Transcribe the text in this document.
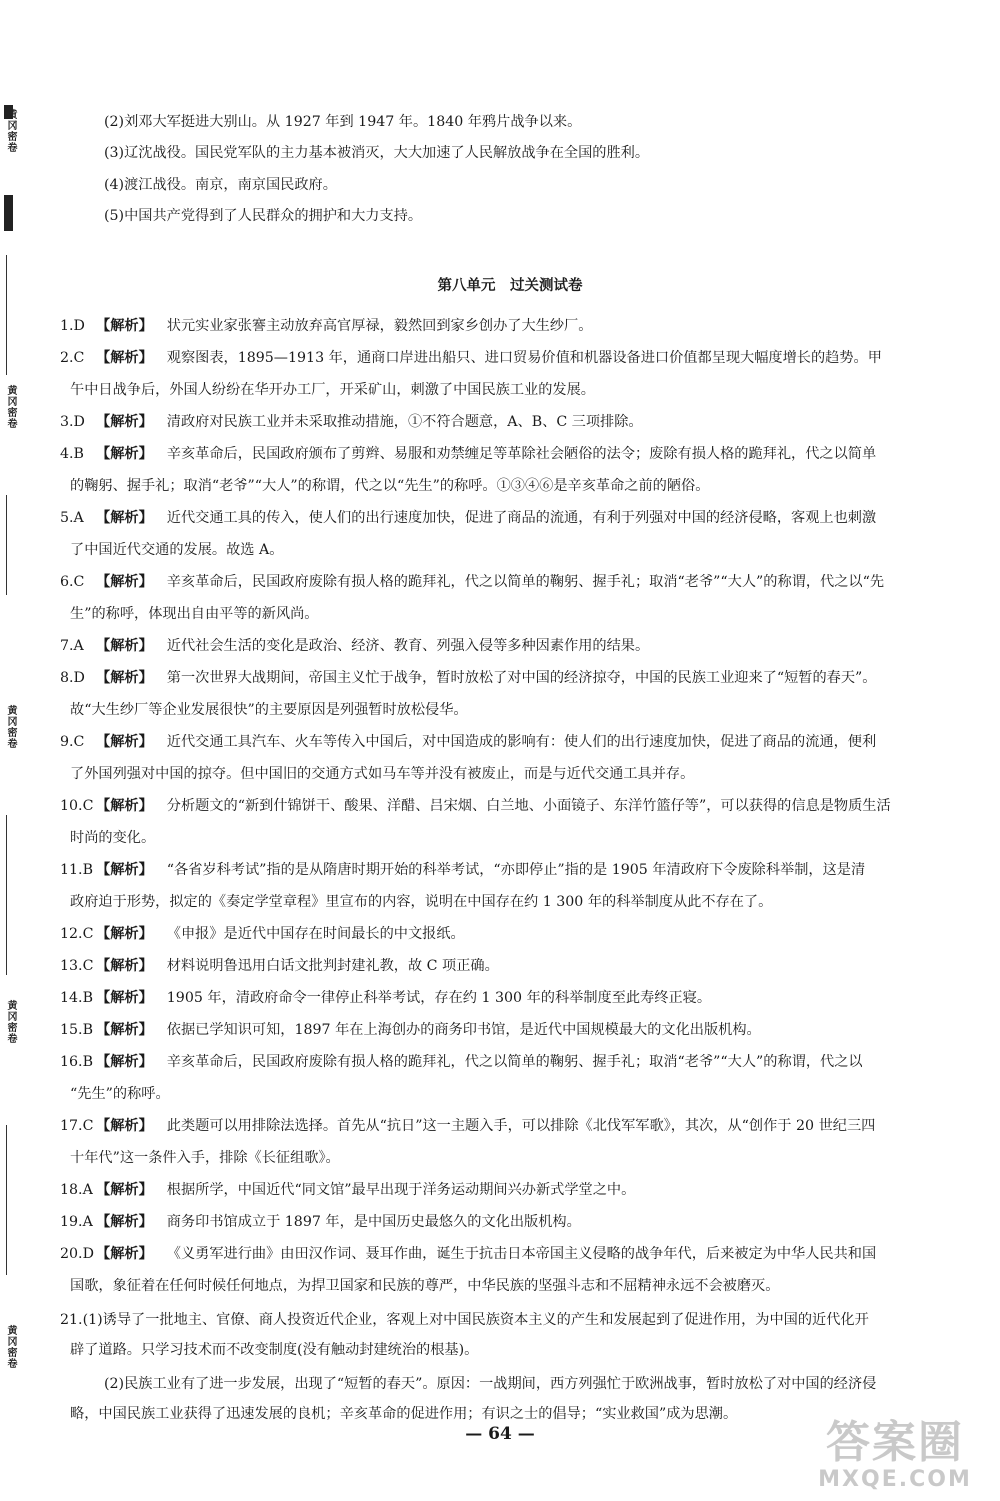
黄冈密卷
黄冈密卷
黄冈密卷
黄冈密卷
黄冈密卷
(2)刘邓大军挺进大别山。从 1927 年到 1947 年。1840 年鸦片战争以来。
(3)辽沈战役。国民党军队的主力基本被消灭，大大加速了人民解放战争在全国的胜利。
(4)渡江战役。南京，南京国民政府。
(5)中国共产党得到了人民群众的拥护和大力支持。
第八单元　过关测试卷
1.D 【解析】 状元实业家张謇主动放弃高官厚禄，毅然回到家乡创办了大生纱厂。
2.C 【解析】 观察图表，1895—1913 年，通商口岸进出船只、进口贸易价值和机器设备进口价值都呈现大幅度增长的趋势。甲
午中日战争后，外国人纷纷在华开办工厂，开采矿山，刺激了中国民族工业的发展。
3.D 【解析】 清政府对民族工业并未采取推动措施，①不符合题意，A、B、C 三项排除。
4.B 【解析】 辛亥革命后，民国政府颁布了剪辫、易服和劝禁缠足等革除社会陋俗的法令；废除有损人格的跪拜礼，代之以简单
的鞠躬、握手礼；取消“老爷”“大人”的称谓，代之以“先生”的称呼。①③④⑥是辛亥革命之前的陋俗。
5.A 【解析】 近代交通工具的传入，使人们的出行速度加快，促进了商品的流通，有利于列强对中国的经济侵略，客观上也刺激
了中国近代交通的发展。故选 A。
6.C 【解析】 辛亥革命后，民国政府废除有损人格的跪拜礼，代之以简单的鞠躬、握手礼；取消“老爷”“大人”的称谓，代之以“先
生”的称呼，体现出自由平等的新风尚。
7.A 【解析】 近代社会生活的变化是政治、经济、教育、列强入侵等多种因素作用的结果。
8.D 【解析】 第一次世界大战期间，帝国主义忙于战争，暂时放松了对中国的经济掠夺，中国的民族工业迎来了“短暂的春天”。
故“大生纱厂等企业发展很快”的主要原因是列强暂时放松侵华。
9.C 【解析】 近代交通工具汽车、火车等传入中国后，对中国造成的影响有：使人们的出行速度加快，促进了商品的流通，便利
了外国列强对中国的掠夺。但中国旧的交通方式如马车等并没有被废止，而是与近代交通工具并存。
10.C 【解析】 分析题文的“新到什锦饼干、酸果、洋醋、吕宋烟、白兰地、小面镜子、东洋竹篮仔等”，可以获得的信息是物质生活
时尚的变化。
11.B 【解析】 “各省岁科考试”指的是从隋唐时期开始的科举考试，“亦即停止”指的是 1905 年清政府下令废除科举制，这是清
政府迫于形势，拟定的《奏定学堂章程》里宣布的内容，说明在中国存在约 1 300 年的科举制度从此不存在了。
12.C 【解析】 《申报》是近代中国存在时间最长的中文报纸。
13.C 【解析】 材料说明鲁迅用白话文批判封建礼教，故 C 项正确。
14.B 【解析】 1905 年，清政府命令一律停止科举考试，存在约 1 300 年的科举制度至此寿终正寝。
15.B 【解析】 依据已学知识可知，1897 年在上海创办的商务印书馆，是近代中国规模最大的文化出版机构。
16.B 【解析】 辛亥革命后，民国政府废除有损人格的跪拜礼，代之以简单的鞠躬、握手礼；取消“老爷”“大人”的称谓，代之以
“先生”的称呼。
17.C 【解析】 此类题可以用排除法选择。首先从“抗日”这一主题入手，可以排除《北伐军军歌》，其次，从“创作于 20 世纪三四
十年代”这一条件入手，排除《长征组歌》。
18.A 【解析】 根据所学，中国近代“同文馆”最早出现于洋务运动期间兴办新式学堂之中。
19.A 【解析】 商务印书馆成立于 1897 年，是中国历史最悠久的文化出版机构。
20.D 【解析】 《义勇军进行曲》由田汉作词、聂耳作曲，诞生于抗击日本帝国主义侵略的战争年代，后来被定为中华人民共和国
国歌，象征着在任何时候任何地点，为捍卫国家和民族的尊严，中华民族的坚强斗志和不屈精神永远不会被磨灭。
21.(1)诱导了一批地主、官僚、商人投资近代企业，客观上对中国民族资本主义的产生和发展起到了促进作用，为中国的近代化开
辟了道路。只学习技术而不改变制度(没有触动封建统治的根基)。
(2)民族工业有了进一步发展，出现了“短暂的春天”。原因：一战期间，西方列强忙于欧洲战事，暂时放松了对中国的经济侵
略，中国民族工业获得了迅速发展的良机；辛亥革命的促进作用；有识之士的倡导；“实业救国”成为思潮。
— 64 —	答案圈
MXQE.COM
